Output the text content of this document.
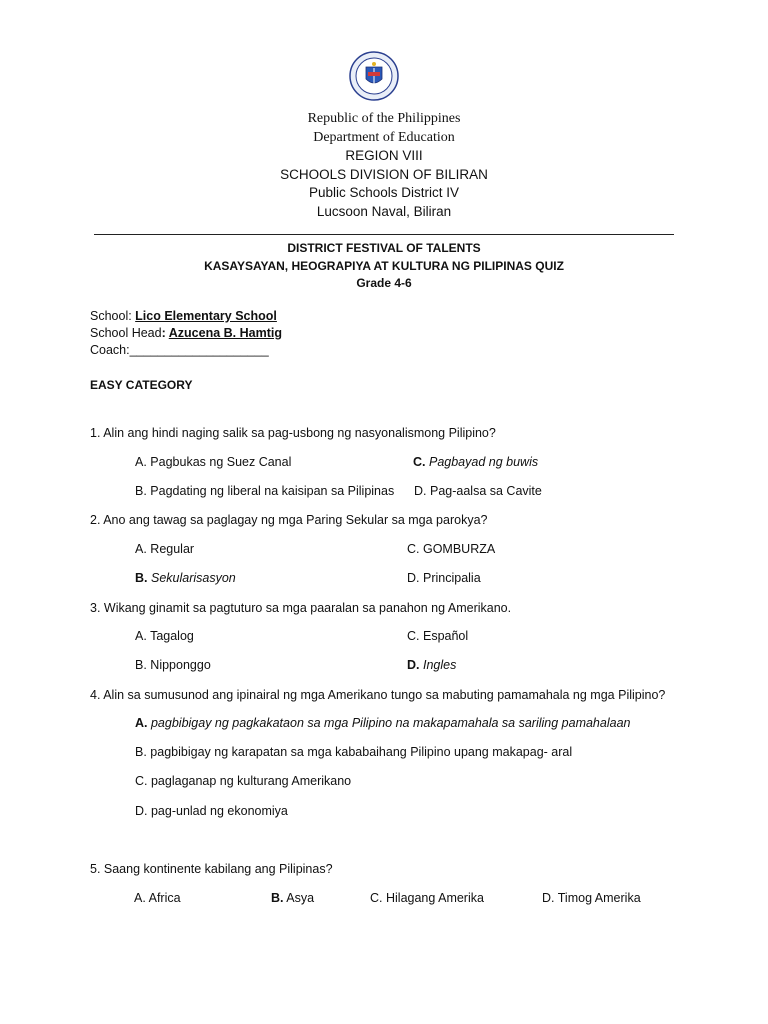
Republic of the Philippines
Department of Education
REGION VIII
SCHOOLS DIVISION OF BILIRAN
Public Schools District IV
Lucsoon Naval, Biliran
DISTRICT FESTIVAL OF TALENTS
KASAYSAYAN, HEOGRAPIYA AT KULTURA NG PILIPINAS QUIZ
Grade 4-6
School: Lico Elementary School
School Head: Azucena B. Hamtig
Coach:____________________
EASY CATEGORY
1. Alin ang hindi naging salik sa pag-usbong ng nasyonalismong Pilipino?
A. Pagbukas ng Suez Canal	C. Pagbayad ng buwis
B. Pagdating ng liberal na kaisipan sa Pilipinas D. Pag-aalsa sa Cavite
2. Ano ang tawag sa paglagay ng mga Paring Sekular sa mga parokya?
A. Regular	C. GOMBURZA
B. Sekularisasyon	D. Principalia
3. Wikang ginamit sa pagtuturo sa mga paaralan sa panahon ng Amerikano.
A. Tagalog	C. Español
B. Nipponggo	D. Ingles
4. Alin sa sumusunod ang ipinairal ng mga Amerikano tungo sa mabuting pamamahala ng mga Pilipino?
A. pagbibigay ng pagkakataon sa mga Pilipino na makapamahala sa sariling pamahalaan
B. pagbibigay ng karapatan sa mga kababaihang Pilipino upang makapag- aral
C. paglaganap ng kulturang Amerikano
D. pag-unlad ng ekonomiya
5. Saang kontinente kabilang ang Pilipinas?
A. Africa	B. Asya	C. Hilagang Amerika	D. Timog Amerika
